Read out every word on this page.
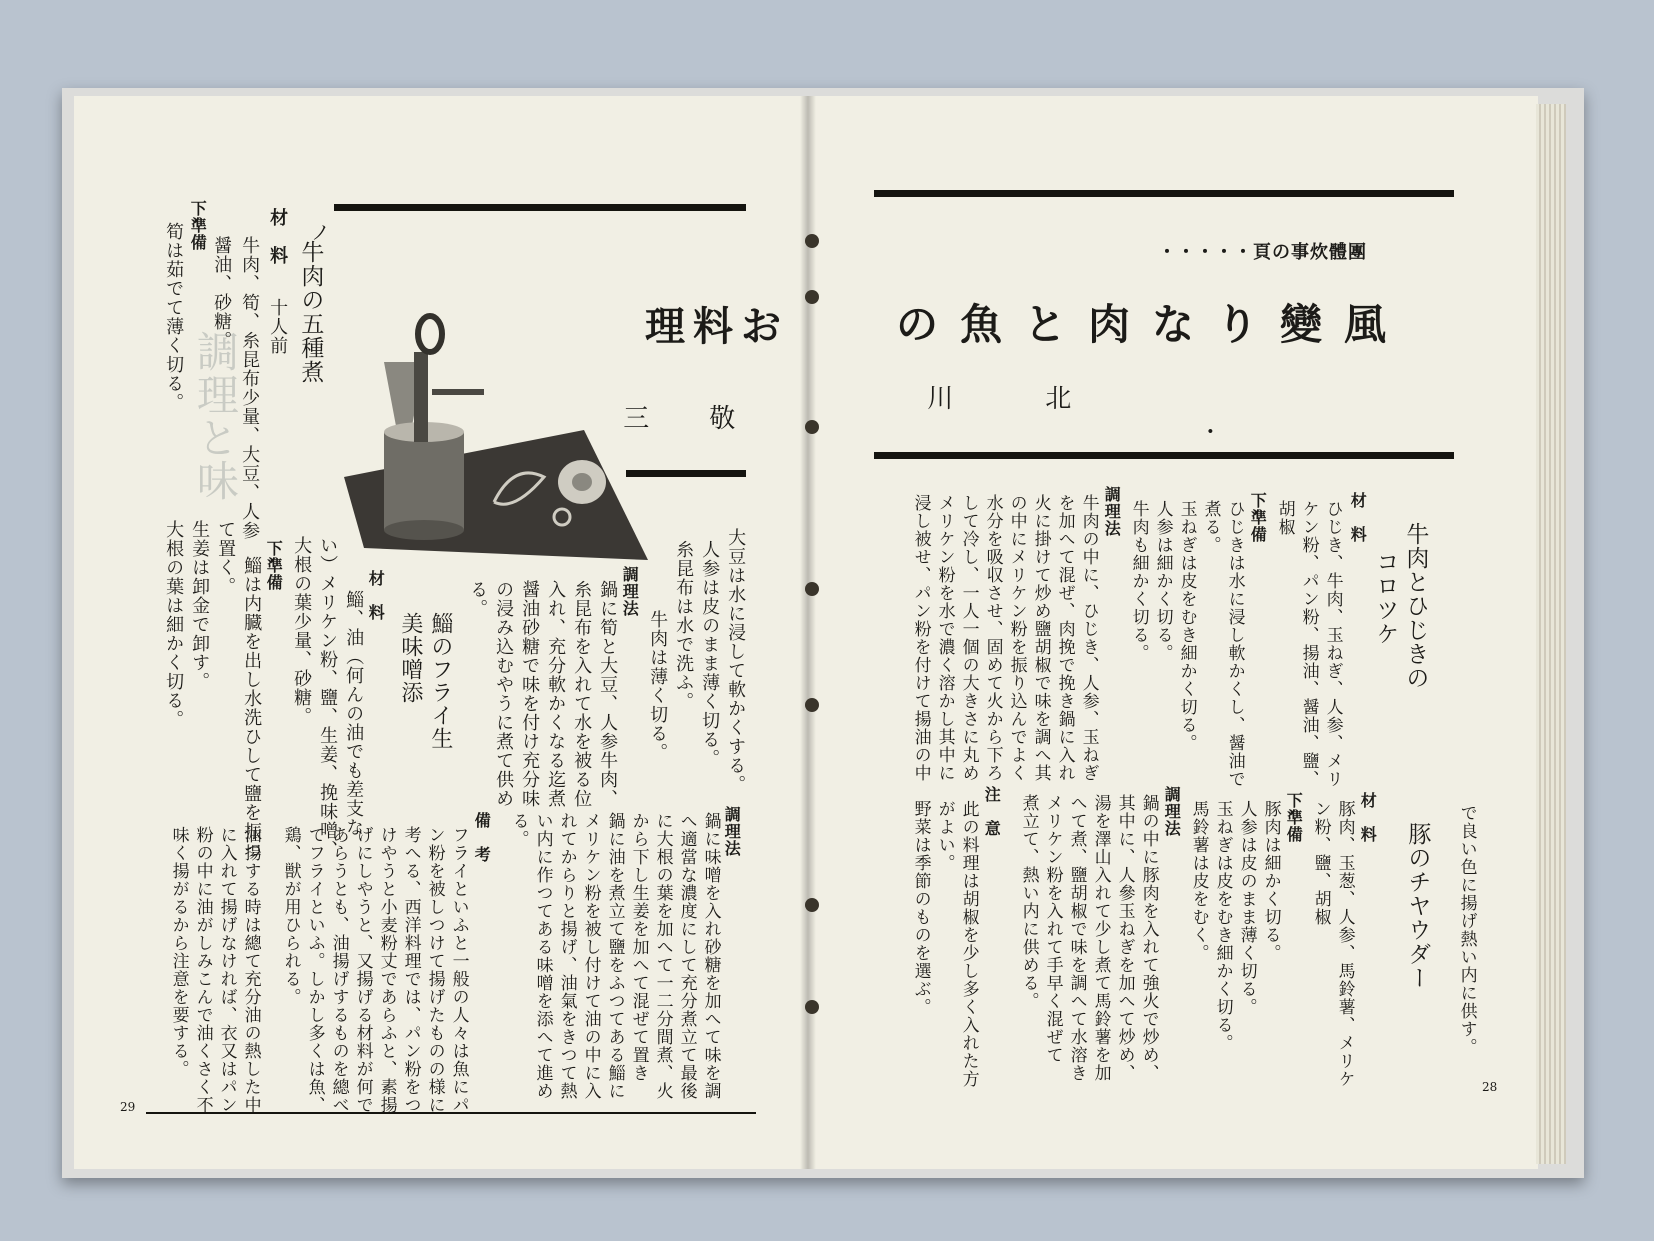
調理と味
お料理
敬
三
ノ
牛肉の五種煮
材　料
十人前
牛肉、筍、糸昆布少量、大豆、人参
醤油、砂糖。
下準備
筍は茹でて薄く切る。
大豆は水に浸して軟かくする。
人参は皮のまま薄く切る。
糸昆布は水で洗ふ。
牛肉は薄く切る。
調理法
鍋に筍と大豆、人参牛肉、
糸昆布を入れて水を被る位
入れ、充分軟かくなる迄煮
醤油砂糖で味を付け充分味
の浸み込むやうに煮て供め
る。
鯔のフライ生
美味噌添
材　料
鯔、油（何んの油でも差支な
い）メリケン粉、鹽、生姜、挽味噌、
大根の葉少量、砂糖。
下準備
鯔は内臓を出し水洗ひして鹽を振つ
て置く。
生姜は卸金で卸す。
大根の葉は細かく切る。
調理法
鍋に味噌を入れ砂糖を加へて味を調
へ適當な濃度にして充分煮立て最後
に大根の葉を加へて一二分間煮、火
から下し生姜を加へて混ぜて置き
鍋に油を煮立て鹽をふつてある鯔に
メリケン粉を被し付けて油の中に入
れてからりと揚げ、油氣をきつて熱
い内に作つてある味噌を添へて進め
る。
備　考
フライといふと一般の人々は魚にパ
ン粉を被しつけて揚げたものの様に
考へる、西洋料理では、パン粉をつ
けやうと小麦粉丈であらふと、素揚
げにしやうと、又揚げる材料が何で
あらうとも、油揚げするものを總べ
てフライといふ。しかし多くは魚、
鶏、獣が用ひられる。
油揚する時は總て充分油の熱した中
に入れて揚げなければ、衣又はパン
粉の中に油がしみこんで油くさく不
味く揚がるから注意を要する。
29
團體炊事の頁・・・・・
風變りな肉と魚の
北
・
川
牛肉とひじきの
コロツケ
材　料
ひじき、牛肉、玉ねぎ、人参、メリ
ケン粉、パン粉、揚油、醤油、鹽、
胡椒
下準備
ひじきは水に浸し軟かくし、醤油で
煮る。
玉ねぎは皮をむき細かく切る。
人参は細かく切る。
牛肉も細かく切る。
調理法
牛肉の中に、ひじき、人参、玉ねぎ
を加へて混ぜ、肉挽で挽き鍋に入れ
火に掛けて炒め鹽胡椒で味を調へ其
の中にメリケン粉を振り込んでよく
水分を吸収させ、固めて火から下ろ
して冷し、一人一個の大きさに丸め
メリケン粉を水で濃く溶かし其中に
浸し被せ、パン粉を付けて揚油の中
で良い色に揚げ熱い内に供す。
豚のチヤウダー
材　料
豚肉、玉葱、人参、馬鈴薯、メリケ
ン粉、鹽、胡椒
下準備
豚肉は細かく切る。
人参は皮のまま薄く切る。
玉ねぎは皮をむき細かく切る。
馬鈴薯は皮をむく。
調理法
鍋の中に豚肉を入れて強火で炒め、
其中に、人參玉ねぎを加へて炒め、
湯を澤山入れて少し煮て馬鈴薯を加
へて煮、鹽胡椒で味を調へて水溶き
メリケン粉を入れて手早く混ぜて
煮立て、熱い内に供める。
注　意
此の料理は胡椒を少し多く入れた方
がよい。
野菜は季節のものを選ぶ。
28
